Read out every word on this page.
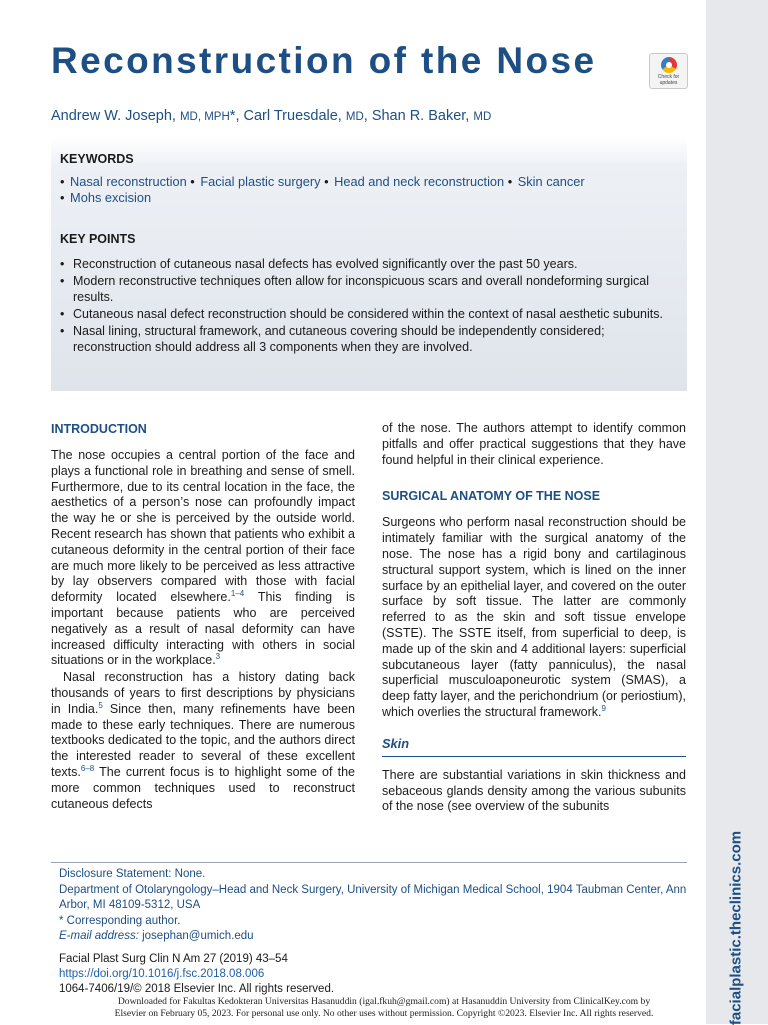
facialplastic.theclinics.com
Reconstruction of the Nose	Check for
updates
Andrew W. Joseph, MD, MPH*, Carl Truesdale, MD, Shan R. Baker, MD
KEYWORDS
• Nasal reconstruction • Facial plastic surgery • Head and neck reconstruction • Skin cancer
• Mohs excision
KEY POINTS
• Reconstruction of cutaneous nasal defects has evolved significantly over the past 50 years.
• Modern reconstructive techniques often allow for inconspicuous scars and overall nondeforming surgical results.
• Cutaneous nasal defect reconstruction should be considered within the context of nasal aesthetic subunits.
• Nasal lining, structural framework, and cutaneous covering should be independently considered; reconstruction should address all 3 components when they are involved.
INTRODUCTION

The nose occupies a central portion of the face and plays a functional role in breathing and sense of smell. Furthermore, due to its central location in the face, the aesthetics of a person’s nose can profoundly impact the way he or she is perceived by the outside world. Recent research has shown that patients who exhibit a cutaneous deformity in the central portion of their face are much more likely to be perceived as less attractive by lay observers compared with those with facial deformity located elsewhere.$^{1-4}$ This finding is important because patients who are perceived negatively as a result of nasal deformity can have increased difficulty interacting with others in social situations or in the workplace.$^3$

Nasal reconstruction has a history dating back thousands of years to first descriptions by physicians in India.$^5$ Since then, many refinements have been made to these early techniques. There are numerous textbooks dedicated to the topic, and the authors direct the interested reader to several of these excellent texts.$^{6-8}$ The current focus is to highlight some of the more common techniques used to reconstruct cutaneous defects

of the nose. The authors attempt to identify common pitfalls and offer practical suggestions that they have found helpful in their clinical experience.

SURGICAL ANATOMY OF THE NOSE

Surgeons who perform nasal reconstruction should be intimately familiar with the surgical anatomy of the nose. The nose has a rigid bony and cartilaginous structural support system, which is lined on the inner surface by an epithelial layer, and covered on the outer surface by soft tissue. The latter are commonly referred to as the skin and soft tissue envelope (SSTE). The SSTE itself, from superficial to deep, is made up of the skin and 4 additional layers: superficial subcutaneous layer (fatty panniculus), the nasal superficial musculoaponeurotic system (SMAS), a deep fatty layer, and the perichondrium (or periostium), which overlies the structural framework.$^9$

Skin

There are substantial variations in skin thickness and sebaceous glands density among the various subunits of the nose (see overview of the subunits

Disclosure Statement: None.
Department of Otolaryngology–Head and Neck Surgery, University of Michigan Medical School, 1904 Taubman Center, Ann Arbor, MI 48109-5312, USA
* Corresponding author.
E-mail address: josephan@umich.edu
Facial Plast Surg Clin N Am 27 (2019) 43–54
https://doi.org/10.1016/j.fsc.2018.08.006
1064-7406/19/© 2018 Elsevier Inc. All rights reserved.
Downloaded for Fakultas Kedokteran Universitas Hasanuddin (igal.fkuh@gmail.com) at Hasanuddin University from ClinicalKey.com by
Elsevier on February 05, 2023. For personal use only. No other uses without permission. Copyright ©2023. Elsevier Inc. All rights reserved.
